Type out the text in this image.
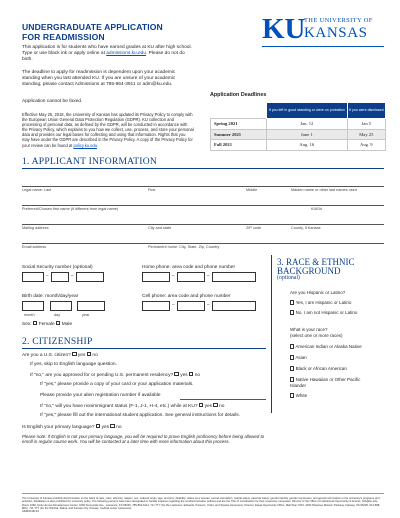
UNDERGRADUATE APPLICATION
FOR READMISSION	KU
THE UNIVERSITY OF
KANSAS
This application is for students who have earned grades at KU after high school. Type or use black ink or apply online at admissions.ku.edu. Please do not do both.
The deadline to apply for readmission is dependent upon your academic standing when you last attended KU. If you are unsure of your academic standing, please contact Admissions at 785-864-3911 or adm@ku.edu.
Application cannot be faxed.
Effective May 25, 2018, the University of Kansas has updated its Privacy Policy to comply with the European Union General Data Protection Regulation (GDPR). KU collection and processing of personal data, as defined by the GDPR, will be conducted in accordance with the Privacy Policy, which explains to you how we collect, use, process, and store your personal data and provides our legal bases for collecting and using that information. Rights that you may have under the GDPR are described in the Privacy Policy. A copy of the Privacy Policy for your review can be found at policy.ku.edu.
Application Deadlines
	If you left in good standing or were on probation	If you were dismissed
Spring 2021	Jan. 12	Jan 5
Summer 2021	June 1	May 25
Fall 2021	Aug. 16	Aug. 9
1. APPLICANT INFORMATION
Legal name: Last	First	Middle	Maiden name or other last names used
Preferred/Chosen first name (if different from legal name)	KUID#
Mailing address	City and state	ZIP code	County, if Kansas
Email address	Permanent home: City, State, Zip, Country
Social Security number (optional)
–	–
Home phone: area code and phone number
–	–
Birth date: month/day/year
month	day	year
Cell phone: area code and phone number
–	–
Sex:  Female Male
3. RACE & ETHNIC
BACKGROUND
(optional)
Are you Hispanic or Latino?
Yes, I am Hispanic or Latino
No, I am not Hispanic or Latino
What is your race?
(select one or more races)
American Indian or Alaska Native
Asian
Black or African American
Native Hawaiian or Other Pacific Islander
White
2. CITIZENSHIP
Are you a U.S. citizen? yes no
If yes, skip to English language question.
If "no," are you approved for or pending U.S. permanent residency? yes no
If "yes," please provide a copy of your card or your application materials.
Please provide your alien registration number if available
If "no," will you have nonimmigrant status (F-1, J-1, H-4, etc.) while at KU? yes no
If "yes," please fill out the international student application. See general instructions for details.
Is English your primary language? yes no
Please note: If English is not your primary language, you will be required to prove English proficiency before being allowed to enroll in regular course work. You will be contacted at a later time with more information about this process.
The University of Kansas prohibits discrimination on the basis of race, color, ethnicity, religion, sex, national origin, age, ancestry, disability, status as a veteran, sexual orientation, marital status, parental status, gender identity, gender expression, and genetic information in the university's programs and activities. Retaliation is also prohibited by university policy. The following persons have been designated to handle inquiries regarding the nondiscrimination policies and are the Title IX coordinators for their respective campuses: Director of the Office of Institutional Opportunity & Access, IOA@ku.edu, Room 1082, Dole Human Development Center, 1000 Sunnyside Ave., Lawrence, KS 66045, 785-864-6414, 711 TTY (for the Lawrence, Edwards, Parsons, Yoder, and Topeka campuses); Director, Equal Opportunity Office, Mail Stop 7004, 4330 Shawnee Mission Parkway, Fairway, KS 66205, 913-588-8011, 711 TTY (for the Wichita, Salina, and Kansas City, Kansas, medical center campuses).
ADM001B-19
